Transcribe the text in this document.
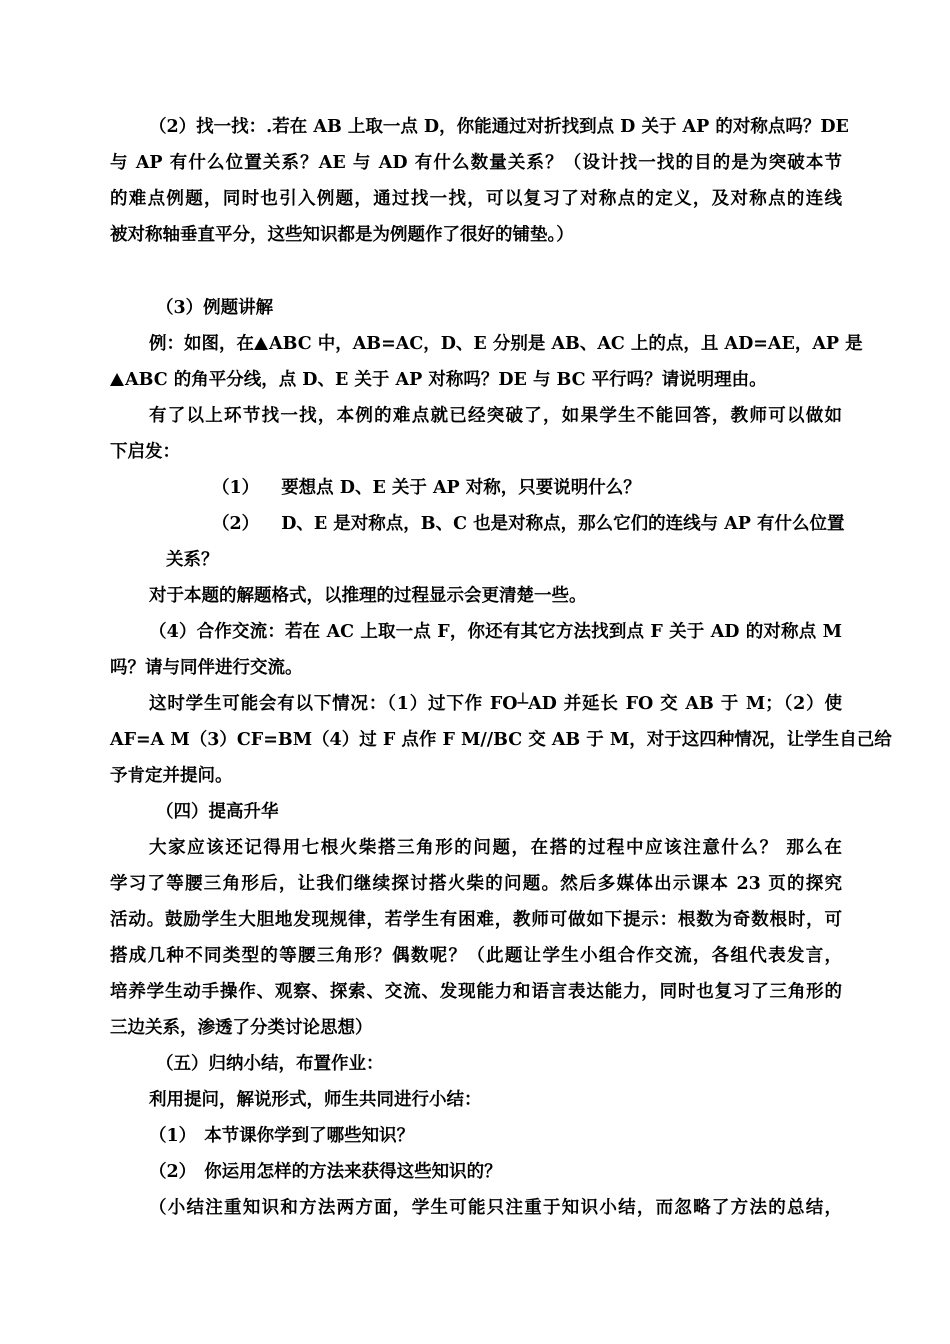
（2）找一找：.若在 AB 上取一点 D，你能通过对折找到点 D 关于 AP 的对称点吗？DE
与 AP 有什么位置关系？AE 与 AD 有什么数量关系？（设计找一找的目的是为突破本节
的难点例题，同时也引入例题，通过找一找，可以复习了对称点的定义，及对称点的连线
被对称轴垂直平分，这些知识都是为例题作了很好的铺垫。）
（3）例题讲解
例：如图，在 ABC 中，AB=AC，D、E 分别是 AB、AC 上的点，且 AD=AE，AP 是
ABC 的角平分线，点 D、E 关于 AP 对称吗？DE 与 BC 平行吗？请说明理由。
有了以上环节找一找，本例的难点就已经突破了，如果学生不能回答，教师可以做如
下启发：
（1） 要想点 D、E 关于 AP 对称，只要说明什么？
（2） D、E 是对称点，B、C 也是对称点，那么它们的连线与 AP 有什么位置
关系？
对于本题的解题格式，以推理的过程显示会更清楚一些。
（4）合作交流：若在 AC 上取一点 F，你还有其它方法找到点 F 关于 AD 的对称点 M
吗？请与同伴进行交流。
这时学生可能会有以下情况：（1）过下作 FO┴AD 并延长 FO 交 AB 于 M；（2）使
AF=A M（3）CF=BM（4）过 F 点作 F M//BC 交 AB 于 M，对于这四种情况，让学生自己给
予肯定并提问。
（四）提高升华
大家应该还记得用七根火柴搭三角形的问题，在搭的过程中应该注意什么？ 那么在
学习了等腰三角形后，让我们继续探讨搭火柴的问题。然后多媒体出示课本 23 页的探究
活动。鼓励学生大胆地发现规律，若学生有困难，教师可做如下提示：根数为奇数根时，可
搭成几种不同类型的等腰三角形？偶数呢？（此题让学生小组合作交流，各组代表发言，
培养学生动手操作、观察、探索、交流、发现能力和语言表达能力，同时也复习了三角形的
三边关系，渗透了分类讨论思想）
（五）归纳小结，布置作业：
利用提问，解说形式，师生共同进行小结：
（1） 本节课你学到了哪些知识？
（2） 你运用怎样的方法来获得这些知识的？
（小结注重知识和方法两方面，学生可能只注重于知识小结，而忽略了方法的总结，
